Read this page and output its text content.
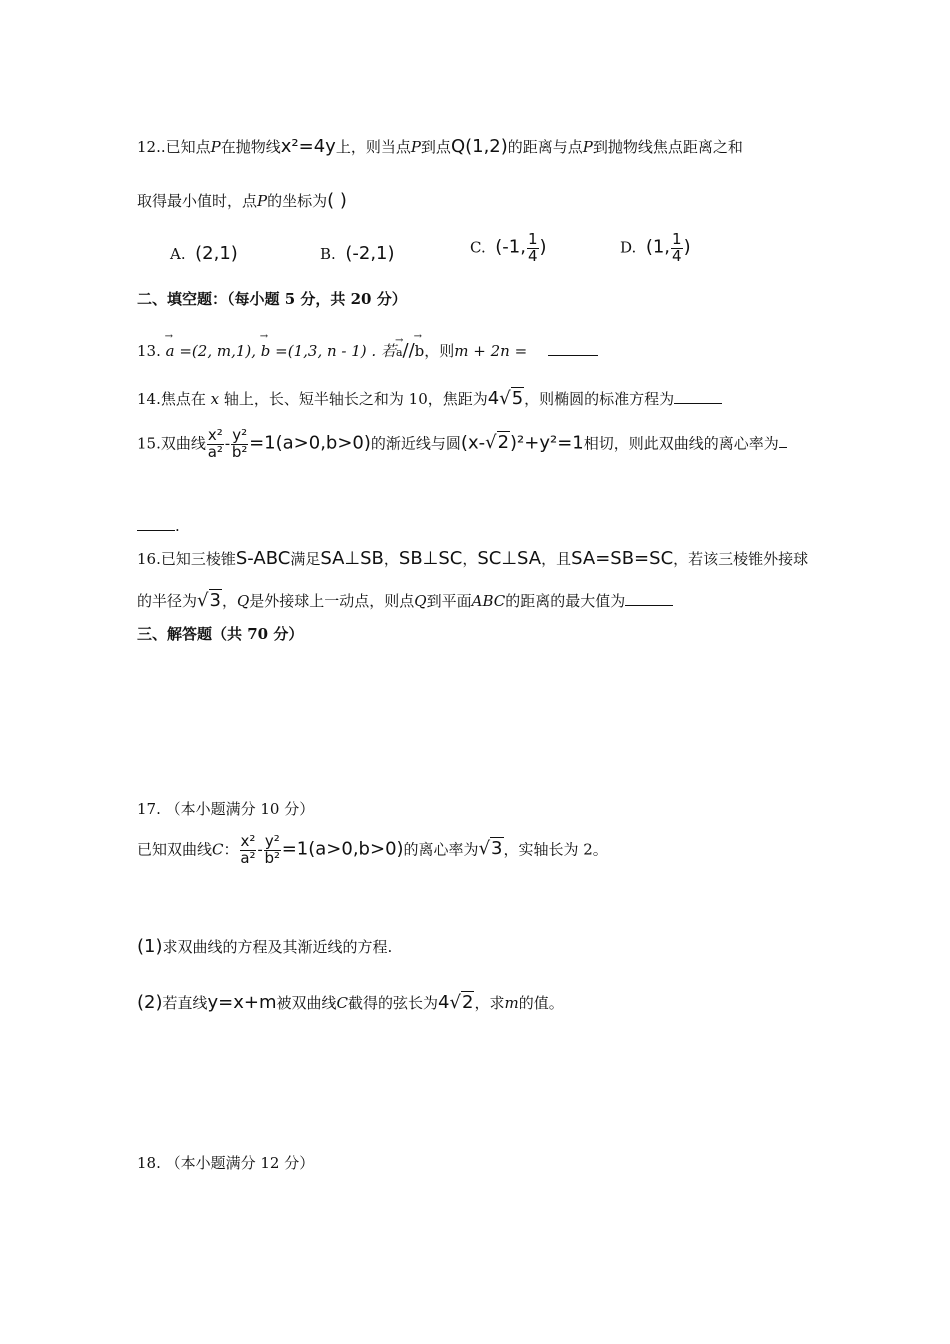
12..已知点P在抛物线x²=4y上，则当点P到点Q(1,2)的距离与点P到抛物线焦点距离之和
取得最小值时，点P的坐标为( )
A. (2,1)	B. (-2,1)	C. (-1, $\frac{1}{4}$ )	D. (1, $\frac{1}{4}$ )
二、填空题：（每小题 5 分，共 20 分）
13. → a =(2, m,1), → b =(1,3, n - 1) . 若→ a//→ b，则m + 2n =
14.焦点在 x 轴上，长、短半轴长之和为 10，焦距为4√5，则椭圆的标准方程为
15.双曲线 $\frac{\text{x²}}{\text{a²}} - \frac{\text{y²}}{\text{b²}} =1(a>0,b>0)$的渐近线与圆(x-√2)²+y²=1相切，则此双曲线的离心率为
.
16.已知三棱锥S-ABC满足SA⊥SB，SB⊥SC，SC⊥SA，且SA=SB=SC，若该三棱锥外接球
的半径为√3，Q是外接球上一动点，则点Q到平面ABC的距离的最大值为
三、解答题（共 70 分）
17. （本小题满分 10 分）
已知双曲线C： $\frac{\text{x²}}{\text{a²}} - \frac{\text{y²}}{\text{b²}} =1(a>0,b>0)$的离心率为√3，实轴长为 2。
(1)求双曲线的方程及其渐近线的方程.
(2)若直线y=x+m被双曲线C截得的弦长为4√2，求m的值。
18. （本小题满分 12 分）
